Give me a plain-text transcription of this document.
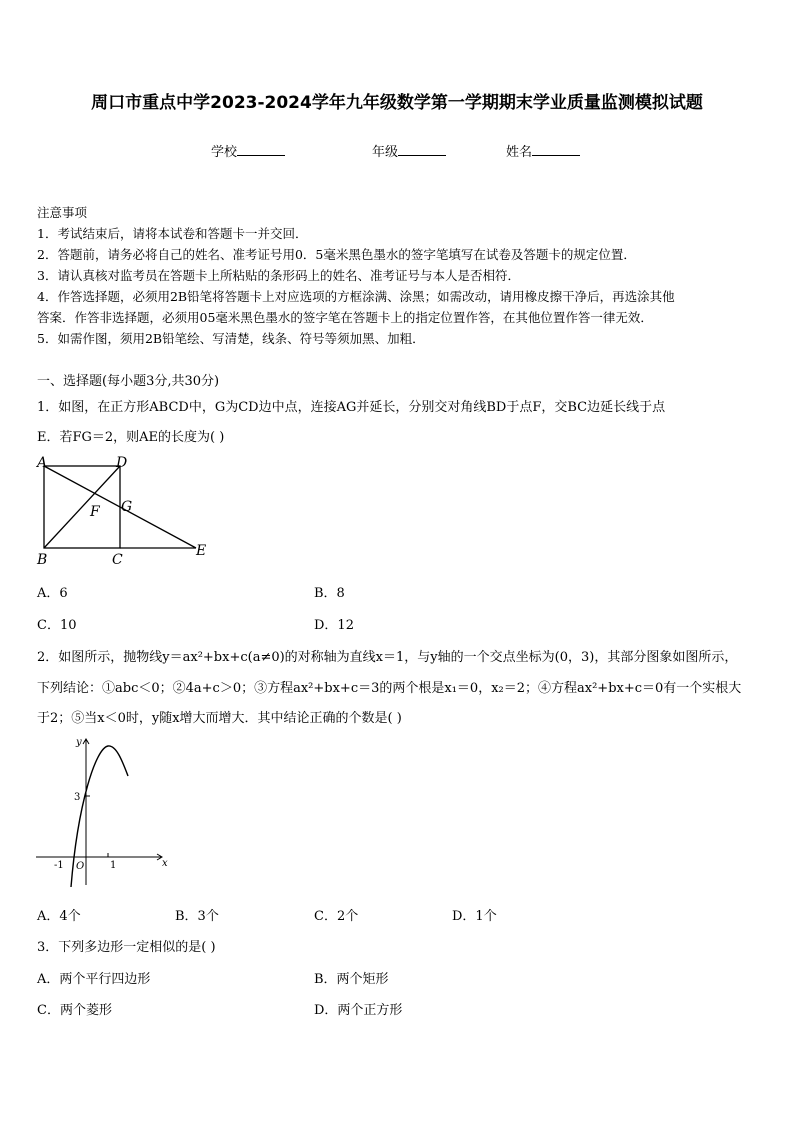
周口市重点中学2023-2024学年九年级数学第一学期期末学业质量监测模拟试题
学校	年级	姓名
注意事项
1．考试结束后，请将本试卷和答题卡一并交回．
2．答题前，请务必将自己的姓名、准考证号用0．5毫米黑色墨水的签字笔填写在试卷及答题卡的规定位置．
3．请认真核对监考员在答题卡上所粘贴的条形码上的姓名、准考证号与本人是否相符．
4．作答选择题，必须用2B铅笔将答题卡上对应选项的方框涂满、涂黑；如需改动，请用橡皮擦干净后，再选涂其他
答案．作答非选择题，必须用05毫米黑色墨水的签字笔在答题卡上的指定位置作答，在其他位置作答一律无效．
5．如需作图，须用2B铅笔绘、写清楚，线条、符号等须加黑、加粗．
一、选择题(每小题3分,共30分)
1．如图，在正方形ABCD中，G为CD边中点，连接AG并延长，分别交对角线BD于点F，交BC边延长线于点
E．若FG＝2，则AE的长度为( )
A	D
G
F
B	C
E
A．6	B．8
C．10	D．12
2．如图所示，抛物线y＝ax²+bx+c(a≠0)的对称轴为直线x＝1，与y轴的一个交点坐标为(0，3)，其部分图象如图所示，
下列结论：①abc＜0；②4a+c＞0；③方程ax²+bx+c＝3的两个根是x₁＝0，x₂＝2；④方程ax²+bx+c＝0有一个实根大
于2；⑤当x＜0时，y随x增大而增大．其中结论正确的个数是( )
y
x
3
-1 O	1
A．4个	B．3个	C．2个	D．1个
3．下列多边形一定相似的是( )
A．两个平行四边形	B．两个矩形
C．两个菱形	D．两个正方形
